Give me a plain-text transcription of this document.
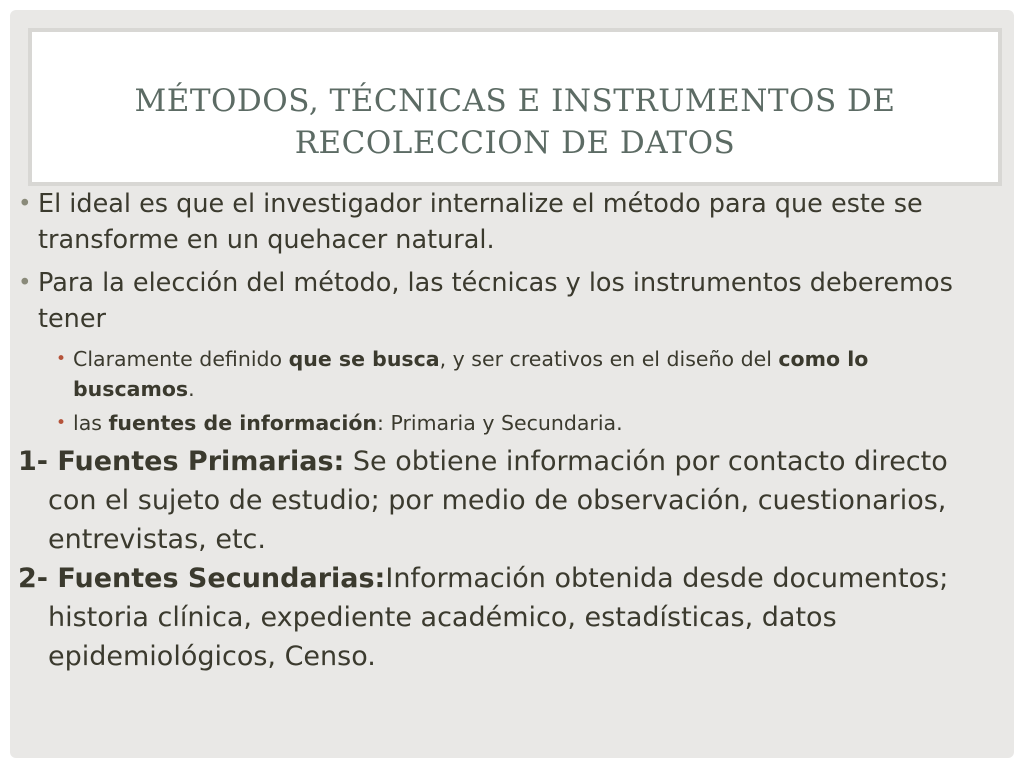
MÉTODOS, TÉCNICAS E INSTRUMENTOS DE
RECOLECCION DE DATOS

• El ideal es que el investigador internalize el método para que este se transforme en un quehacer natural.

• Para la elección del método, las técnicas y los instrumentos deberemos tener

• Claramente definido que se busca, y ser creativos en el diseño del como lo buscamos.

• las fuentes de información: Primaria y Secundaria.

1- Fuentes Primarias: Se obtiene información por contacto directo con el sujeto de estudio; por medio de observación, cuestionarios, entrevistas, etc.

2- Fuentes Secundarias:Información obtenida desde documentos; historia clínica, expediente académico, estadísticas, datos epidemiológicos, Censo.
